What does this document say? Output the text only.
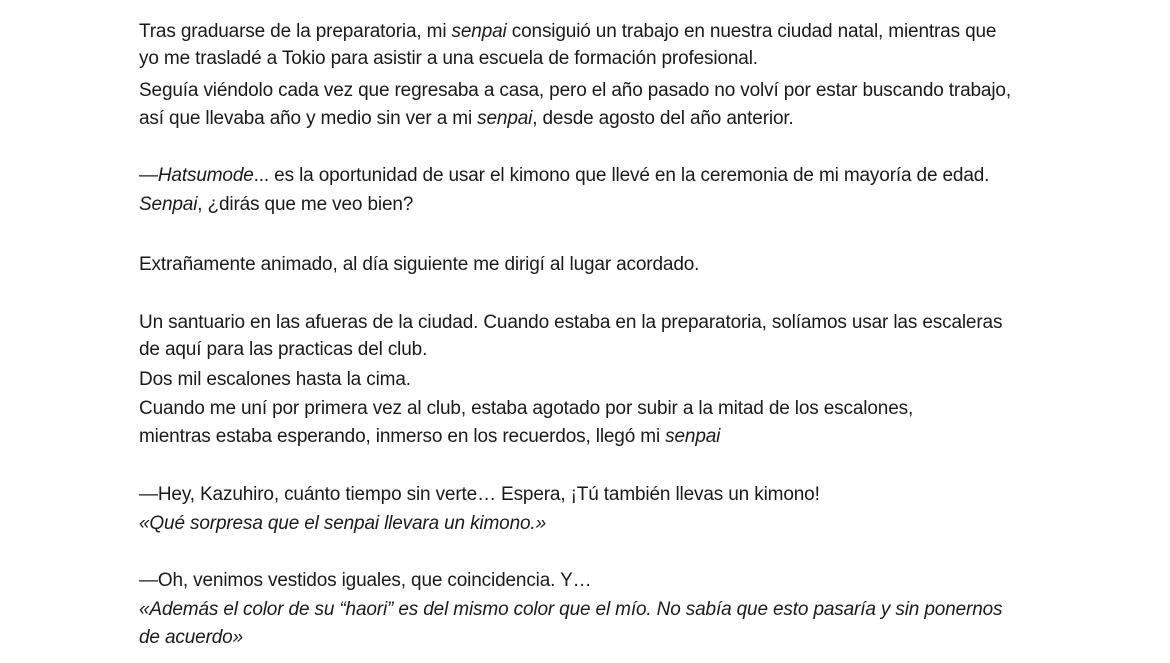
Tras graduarse de la preparatoria, mi senpai consiguió un trabajo en nuestra ciudad natal, mientras que
yo me trasladé a Tokio para asistir a una escuela de formación profesional.
Seguía viéndolo cada vez que regresaba a casa, pero el año pasado no volví por estar buscando trabajo,
así que llevaba año y medio sin ver a mi senpai, desde agosto del año anterior.
—Hatsumode... es la oportunidad de usar el kimono que llevé en la ceremonia de mi mayoría de edad.
Senpai, ¿dirás que me veo bien?
Extrañamente animado, al día siguiente me dirigí al lugar acordado.
Un santuario en las afueras de la ciudad. Cuando estaba en la preparatoria, solíamos usar las escaleras
de aquí para las practicas del club.
Dos mil escalones hasta la cima.
Cuando me uní por primera vez al club, estaba agotado por subir a la mitad de los escalones,
mientras estaba esperando, inmerso en los recuerdos, llegó mi senpai
—Hey, Kazuhiro, cuánto tiempo sin verte… Espera, ¡Tú también llevas un kimono!
«Qué sorpresa que el senpai llevara un kimono.»
—Oh, venimos vestidos iguales, que coincidencia. Y…
«Además el color de su “haori” es del mismo color que el mío. No sabía que esto pasaría y sin ponernos
de acuerdo»
